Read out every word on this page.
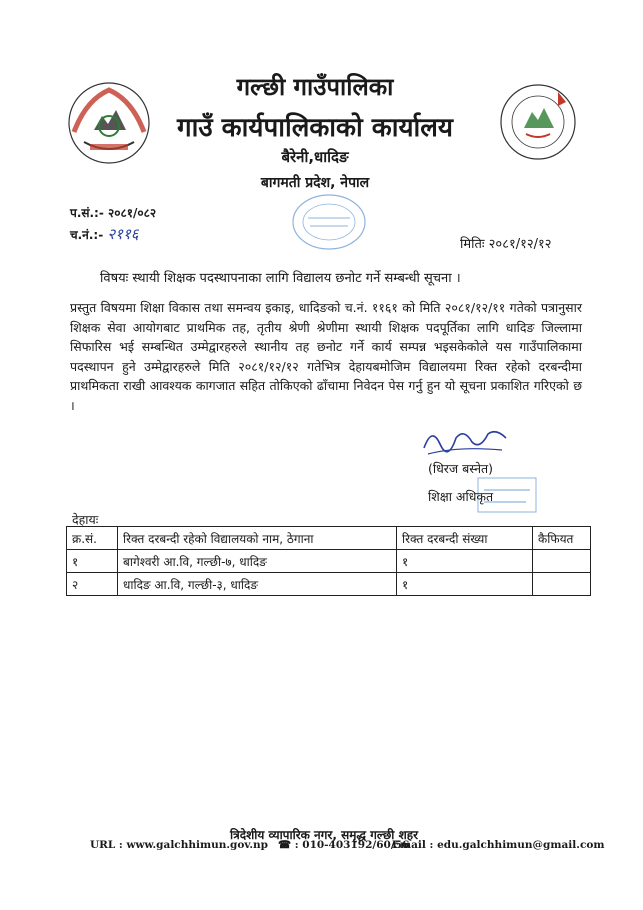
गल्छी गाउँपालिका
गाउँ कार्यपालिकाको कार्यालय
बैरेनी,धादिङ
बागमती प्रदेश, नेपाल
प.सं.:- २०८१/०८२
च.नं.:- २११६
मितिः २०८१/१२/१२
विषयः स्थायी शिक्षक पदस्थापनाका लागि विद्यालय छनोट गर्ने सम्बन्धी सूचना ।
प्रस्तुत विषयमा शिक्षा विकास तथा समन्वय इकाइ, धादिङको च.नं. ११६१ को मिति २०८१/१२/११ गतेको पत्रानुसार शिक्षक सेवा आयोगबाट प्राथमिक तह, तृतीय श्रेणी श्रेणीमा स्थायी शिक्षक पदपूर्तिका लागि धादिङ जिल्लामा सिफारिस भई सम्बन्धित उम्मेद्वारहरुले स्थानीय तह छनोट गर्ने कार्य सम्पन्न भइसकेकोले यस गाउँपालिकामा पदस्थापन हुने उम्मेद्वारहरुले मिति २०८१/१२/१२ गतेभित्र देहायबमोजिम विद्यालयमा रिक्त रहेको दरबन्दीमा प्राथमिकता राखी आवश्यक कागजात सहित तोकिएको ढाँचामा निवेदन पेस गर्नु हुन यो सूचना प्रकाशित गरिएको छ ।
(धिरज बस्नेत)
शिक्षा अधिकृत
देहायः
क्र.सं.	रिक्त दरबन्दी रहेको विद्यालयको नाम, ठेगाना	रिक्त दरबन्दी संख्या	कैफियत
१	बागेश्वरी आ.वि, गल्छी-७, धादिङ	१	
२	धादिङ आ.वि, गल्छी-३, धादिङ	१	
त्रिदेशीय व्यापारिक नगर, समृद्ध गल्छी शहर
URL : www.galchhimun.gov.np ☎ : 010-403192/60/56
Email : edu.galchhimun@gmail.com
